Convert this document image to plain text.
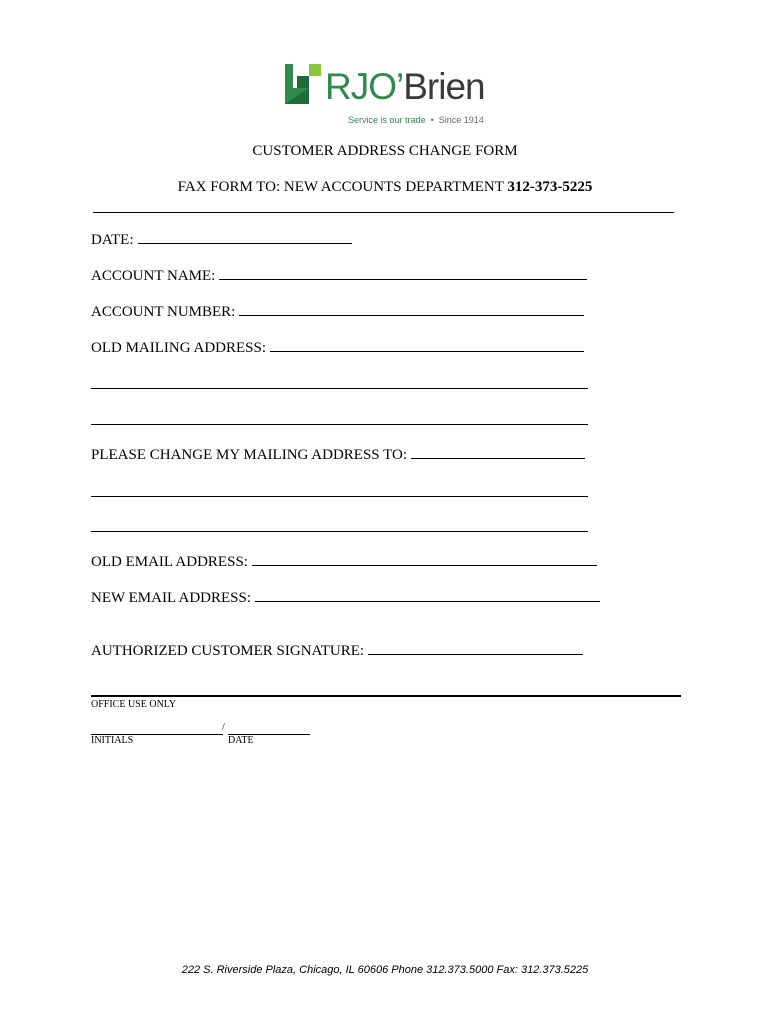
RJO’Brien
Service is our trade • Since 1914
CUSTOMER ADDRESS CHANGE FORM
FAX FORM TO: NEW ACCOUNTS DEPARTMENT 312-373-5225
DATE:
ACCOUNT NAME:
ACCOUNT NUMBER:
OLD MAILING ADDRESS:
PLEASE CHANGE MY MAILING ADDRESS TO:
OLD EMAIL ADDRESS:
NEW EMAIL ADDRESS:
AUTHORIZED CUSTOMER SIGNATURE:
OFFICE USE ONLY
/
INITIALS	DATE
222 S. Riverside Plaza, Chicago, IL 60606 Phone 312.373.5000 Fax: 312.373.5225
